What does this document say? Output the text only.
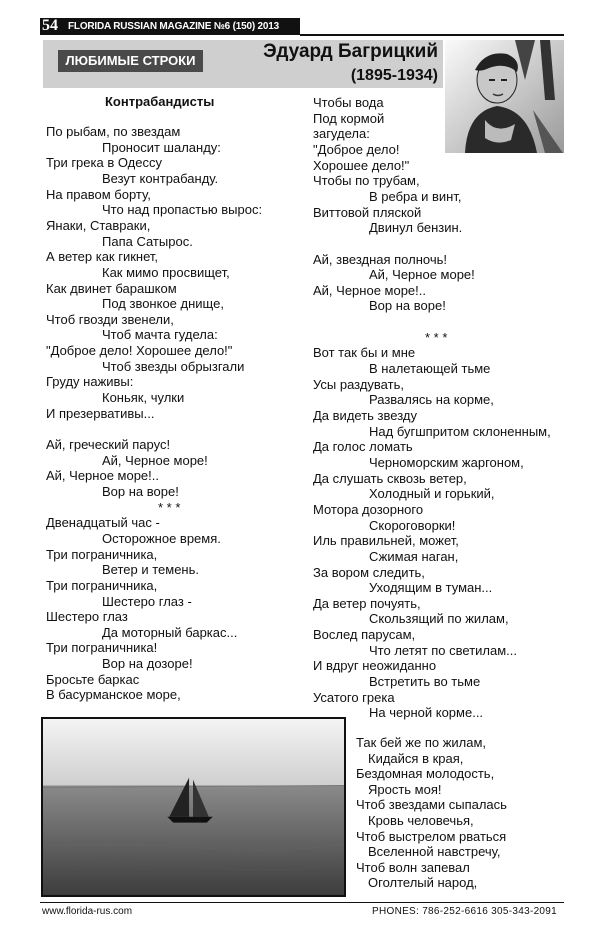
54 FLORIDA RUSSIAN MAGAZINE №6 (150) 2013
ЛЮБИМЫЕ СТРОКИ	Эдуард Багрицкий
(1895-1934)
Контрабандисты
По рыбам, по звездам
Проносит шаланду:
Три грека в Одессу
Везут контрабанду.
На правом борту,
Что над пропастью вырос:
Янаки, Ставраки,
Папа Сатырос.
А ветер как гикнет,
Как мимо просвищет,
Как двинет барашком
Под звонкое днище,
Чтоб гвозди звенели,
Чтоб мачта гудела:
"Доброе дело! Хорошее дело!"
Чтоб звезды обрызгали
Груду наживы:
Коньяк, чулки
И презервативы...
Ай, греческий парус!
Ай, Черное море!
Ай, Черное море!..
Вор на воре!
* * *
Двенадцатый час -
Осторожное время.
Три пограничника,
Ветер и темень.
Три пограничника,
Шестеро глаз -
Шестеро глаз
Да моторный баркас...
Три пограничника!
Вор на дозоре!
Бросьте баркас
В басурманское море,
Чтобы вода
Под кормой
загудела:
"Доброе дело!
Хорошее дело!"
Чтобы по трубам,
В ребра и винт,
Виттовой пляской
Двинул бензин.
Ай, звездная полночь!
Ай, Черное море!
Ай, Черное море!..
Вор на воре!
* * *
Вот так бы и мне
В налетающей тьме
Усы раздувать,
Развалясь на корме,
Да видеть звезду
Над бугшпритом склоненным,
Да голос ломать
Черноморским жаргоном,
Да слушать сквозь ветер,
Холодный и горький,
Мотора дозорного
Скороговорки!
Иль правильней, может,
Сжимая наган,
За вором следить,
Уходящим в туман...
Да ветер почуять,
Скользящий по жилам,
Вослед парусам,
Что летят по светилам...
И вдруг неожиданно
Встретить во тьме
Усатого грека
На черной корме...
Так бей же по жилам,
Кидайся в края,
Бездомная молодость,
Ярость моя!
Чтоб звездами сыпалась
Кровь человечья,
Чтоб выстрелом рваться
Вселенной навстречу,
Чтоб волн запевал
Оголтелый народ,
www.florida-rus.com	PHONES: 786-252-6616 305-343-2091
